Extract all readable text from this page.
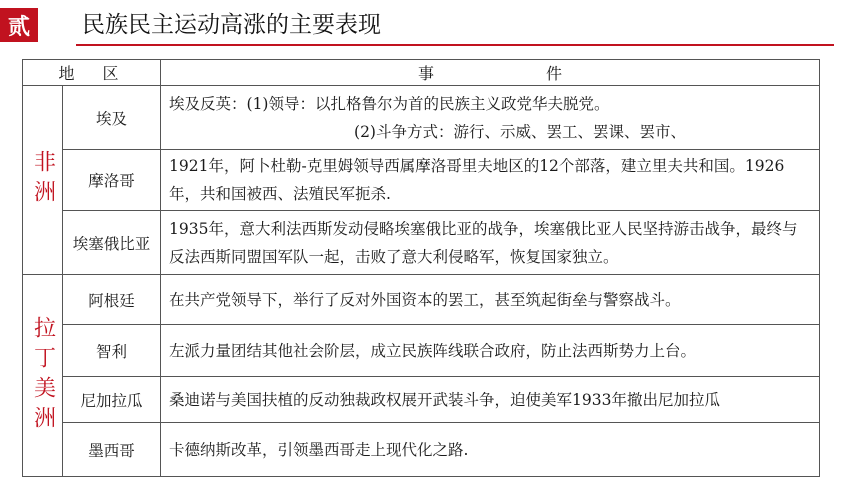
贰	民族民主运动高涨的主要表现
地　区		事　　　　　　　件

非洲	埃及	埃及反英：(1)领导：以扎格鲁尔为首的民族主义政党华夫脱党。
(2)斗争方式：游行、示威、罢工、罢课、罢市、

	摩洛哥	1921年，阿卜杜勒-克里姆领导西属摩洛哥里夫地区的12个部落，建立里夫共和国。1926年，共和国被西、法殖民军扼杀.
	埃塞俄比亚	1935年，意大利法西斯发动侵略埃塞俄比亚的战争，埃塞俄比亚人民坚持游击战争，最终与反法西斯同盟国军队一起，击败了意大利侵略军，恢复国家独立。

拉丁美洲	阿根廷	在共产党领导下，举行了反对外国资本的罢工，甚至筑起街垒与警察战斗。
	智利	左派力量团结其他社会阶层，成立民族阵线联合政府，防止法西斯势力上台。
	尼加拉瓜	桑迪诺与美国扶植的反动独裁政权展开武装斗争，迫使美军1933年撤出尼加拉瓜
	墨西哥	卡德纳斯改革，引领墨西哥走上现代化之路.
